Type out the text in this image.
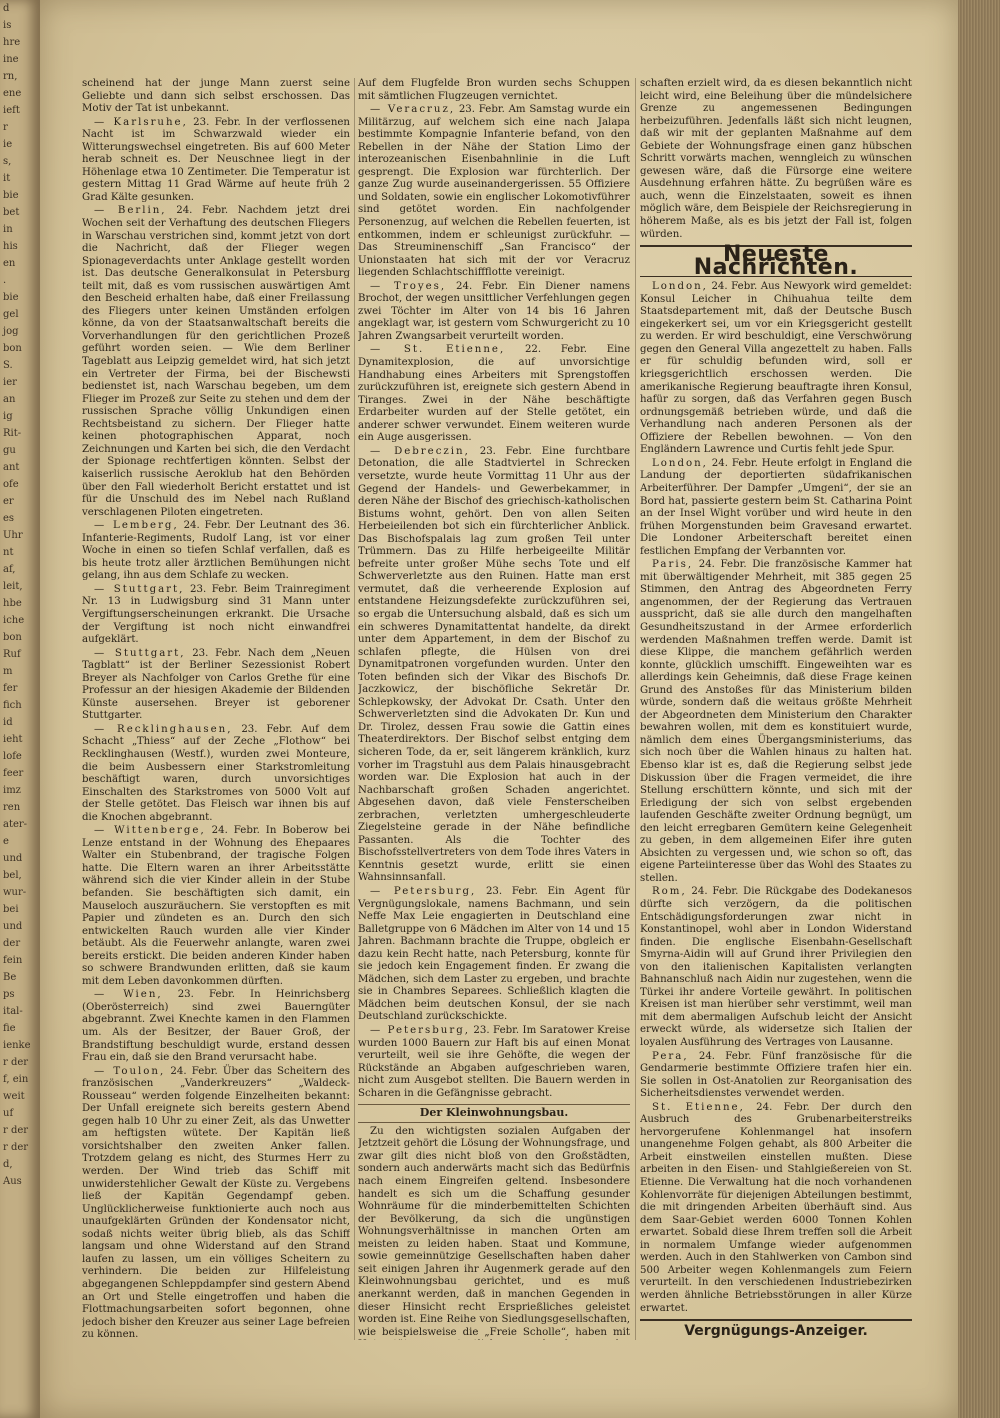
d
is
hre
ine
rn,
ene
ieft
r
ie
s,
it
bie
bet
in
his
en
.
bie
gel
jog
bon
S.
ier
an
ig
Rit-
gu
ant
ofe
er
es
Uhr
nt
af,
leit,
hbe
iche
bon
Ruf
m
fer
fich
id
ieht
lofe
feer
imz
ren
ater-
e
und
bel,
wur-
bei
und
der
fein
Be
ps
ital-
fie
ienke
r der
f, ein
weit
uf
r der
r der
d,
Aus

scheinend hat der junge Mann zuerst seine Geliebte und dann sich selbst erschossen. Das Motiv der Tat ist unbekannt.

— Karlsruhe, 23. Febr. In der verflossenen Nacht ist im Schwarzwald wieder ein Witterungswechsel eingetreten. Bis auf 600 Meter herab schneit es. Der Neuschnee liegt in der Höhenlage etwa 10 Zentimeter. Die Temperatur ist gestern Mittag 11 Grad Wärme auf heute früh 2 Grad Kälte gesunken.

— Berlin, 24. Febr. Nachdem jetzt drei Wochen seit der Verhaftung des deutschen Fliegers in Warschau verstrichen sind, kommt jetzt von dort die Nachricht, daß der Flieger wegen Spionageverdachts unter Anklage gestellt worden ist. Das deutsche Generalkonsulat in Petersburg teilt mit, daß es vom russischen auswärtigen Amt den Bescheid erhalten habe, daß einer Freilassung des Fliegers unter keinen Umständen erfolgen könne, da von der Staatsanwaltschaft bereits die Vorverhandlungen für den gerichtlichen Prozeß geführt worden seien. — Wie dem Berliner Tageblatt aus Leipzig gemeldet wird, hat sich jetzt ein Vertreter der Firma, bei der Bischewsti bedienstet ist, nach Warschau begeben, um dem Flieger im Prozeß zur Seite zu stehen und dem der russischen Sprache völlig Unkundigen einen Rechtsbeistand zu sichern. Der Flieger hatte keinen photographischen Apparat, noch Zeichnungen und Karten bei sich, die den Verdacht der Spionage rechtfertigen könnten. Selbst der kaiserlich russische Aeroklub hat den Behörden über den Fall wiederholt Bericht erstattet und ist für die Unschuld des im Nebel nach Rußland verschlagenen Piloten eingetreten.

— Lemberg, 24. Febr. Der Leutnant des 36. Infanterie-Regiments, Rudolf Lang, ist vor einer Woche in einen so tiefen Schlaf verfallen, daß es bis heute trotz aller ärztlichen Bemühungen nicht gelang, ihn aus dem Schlafe zu wecken.

— Stuttgart, 23. Febr. Beim Trainregiment Nr. 13 in Ludwigsburg sind 31 Mann unter Vergiftungserscheinungen erkrankt. Die Ursache der Vergiftung ist noch nicht einwandfrei aufgeklärt.

— Stuttgart, 23. Febr. Nach dem „Neuen Tagblatt“ ist der Berliner Sezessionist Robert Breyer als Nachfolger von Carlos Grethe für eine Professur an der hiesigen Akademie der Bildenden Künste ausersehen. Breyer ist geborener Stuttgarter.

— Recklinghausen, 23. Febr. Auf dem Schacht „Thiess“ auf der Zeche „Flothow“ bei Recklinghausen (Westf.), wurden zwei Monteure, die beim Ausbessern einer Starkstromleitung beschäftigt waren, durch unvorsichtiges Einschalten des Starkstromes von 5000 Volt auf der Stelle getötet. Das Fleisch war ihnen bis auf die Knochen abgebrannt.

— Wittenberge, 24. Febr. In Boberow bei Lenze entstand in der Wohnung des Ehepaares Walter ein Stubenbrand, der tragische Folgen hatte. Die Eltern waren an ihrer Arbeitsstätte während sich die vier Kinder allein in der Stube befanden. Sie beschäftigten sich damit, ein Mauseloch auszuräuchern. Sie verstopften es mit Papier und zündeten es an. Durch den sich entwickelten Rauch wurden alle vier Kinder betäubt. Als die Feuerwehr anlangte, waren zwei bereits erstickt. Die beiden anderen Kinder haben so schwere Brandwunden erlitten, daß sie kaum mit dem Leben davonkommen dürften.

— Wien, 23. Febr. In Heinrichsberg (Oberösterreich) sind zwei Bauerngüter abgebrannt. Zwei Knechte kamen in den Flammen um. Als der Besitzer, der Bauer Groß, der Brandstiftung beschuldigt wurde, erstand dessen Frau ein, daß sie den Brand verursacht habe.

— Toulon, 24. Febr. Über das Scheitern des französischen „Vanderkreuzers“ „Waldeck-Rousseau“ werden folgende Einzelheiten bekannt: Der Unfall ereignete sich bereits gestern Abend gegen halb 10 Uhr zu einer Zeit, als das Unwetter am heftigsten wütete. Der Kapitän ließ vorsichtshalber den zweiten Anker fallen. Trotzdem gelang es nicht, des Sturmes Herr zu werden. Der Wind trieb das Schiff mit unwiderstehlicher Gewalt der Küste zu. Vergebens ließ der Kapitän Gegendampf geben. Unglücklicherweise funktionierte auch noch aus unaufgeklärten Gründen der Kondensator nicht, sodaß nichts weiter übrig blieb, als das Schiff langsam und ohne Widerstand auf den Strand laufen zu lassen, um ein völliges Scheitern zu verhindern. Die beiden zur Hilfeleistung abgegangenen Schleppdampfer sind gestern Abend an Ort und Stelle eingetroffen und haben die Flottmachungsarbeiten sofort begonnen, ohne jedoch bisher den Kreuzer aus seiner Lage befreien zu können.

Auf dem Flugfelde Bron wurden sechs Schuppen mit sämtlichen Flugzeugen vernichtet.

— Veracruz, 23. Febr. Am Samstag wurde ein Militärzug, auf welchem sich eine nach Jalapa bestimmte Kompagnie Infanterie befand, von den Rebellen in der Nähe der Station Limo der interozeanischen Eisenbahnlinie in die Luft gesprengt. Die Explosion war fürchterlich. Der ganze Zug wurde auseinandergerissen. 55 Offiziere und Soldaten, sowie ein englischer Lokomotivführer sind getötet worden. Ein nachfolgender Personenzug, auf welchen die Rebellen feuerten, ist entkommen, indem er schleunigst zurückfuhr. — Das Streuminenschiff „San Francisco“ der Unionstaaten hat sich mit der vor Veracruz liegenden Schlachtschiffflotte vereinigt.

— Troyes, 24. Febr. Ein Diener namens Brochot, der wegen unsittlicher Verfehlungen gegen zwei Töchter im Alter von 14 bis 16 Jahren angeklagt war, ist gestern vom Schwurgericht zu 10 Jahren Zwangsarbeit verurteilt worden.

— St. Etienne, 22. Febr. Eine Dynamitexplosion, die auf unvorsichtige Handhabung eines Arbeiters mit Sprengstoffen zurückzuführen ist, ereignete sich gestern Abend in Tiranges. Zwei in der Nähe beschäftigte Erdarbeiter wurden auf der Stelle getötet, ein anderer schwer verwundet. Einem weiteren wurde ein Auge ausgerissen.

— Debreczin, 23. Febr. Eine furchtbare Detonation, die alle Stadtviertel in Schrecken versetzte, wurde heute Vormittag 11 Uhr aus der Gegend der Handels- und Gewerbekammer, in deren Nähe der Bischof des griechisch-katholischen Bistums wohnt, gehört. Den von allen Seiten Herbeieilenden bot sich ein fürchterlicher Anblick. Das Bischofspalais lag zum großen Teil unter Trümmern. Das zu Hilfe herbeigeeilte Militär befreite unter großer Mühe sechs Tote und elf Schwerverletzte aus den Ruinen. Hatte man erst vermutet, daß die verheerende Explosion auf entstandene Heizungsdefekte zurückzuführen sei, so ergab die Untersuchung alsbald, daß es sich um ein schweres Dynamitattentat handelte, da direkt unter dem Appartement, in dem der Bischof zu schlafen pflegte, die Hülsen von drei Dynamitpatronen vorgefunden wurden. Unter den Toten befinden sich der Vikar des Bischofs Dr. Jaczkowicz, der bischöfliche Sekretär Dr. Schlepkowsky, der Advokat Dr. Csath. Unter den Schwerverletzten sind die Advokaten Dr. Kun und Dr. Tirolez, dessen Frau sowie die Gattin eines Theaterdirektors. Der Bischof selbst entging dem sicheren Tode, da er, seit längerem kränklich, kurz vorher im Tragstuhl aus dem Palais hinausgebracht worden war. Die Explosion hat auch in der Nachbarschaft großen Schaden angerichtet. Abgesehen davon, daß viele Fensterscheiben zerbrachen, verletzten umhergeschleuderte Ziegelsteine gerade in der Nähe befindliche Passanten. Als die Tochter des Bischofsstellvertreters von dem Tode ihres Vaters in Kenntnis gesetzt wurde, erlitt sie einen Wahnsinnsanfall.

— Petersburg, 23. Febr. Ein Agent für Vergnügungslokale, namens Bachmann, und sein Neffe Max Leie engagierten in Deutschland eine Balletgruppe von 6 Mädchen im Alter von 14 und 15 Jahren. Bachmann brachte die Truppe, obgleich er dazu kein Recht hatte, nach Petersburg, konnte für sie jedoch kein Engagement finden. Er zwang die Mädchen, sich dem Laster zu ergeben, und brachte sie in Chambres Separees. Schließlich klagten die Mädchen beim deutschen Konsul, der sie nach Deutschland zurückschickte.

— Petersburg, 23. Febr. Im Saratower Kreise wurden 1000 Bauern zur Haft bis auf einen Monat verurteilt, weil sie ihre Gehöfte, die wegen der Rückstände an Abgaben aufgeschrieben waren, nicht zum Ausgebot stellten. Die Bauern werden in Scharen in die Gefängnisse gebracht.

Der Kleinwohnungsbau.

Zu den wichtigsten sozialen Aufgaben der Jetztzeit gehört die Lösung der Wohnungsfrage, und zwar gilt dies nicht bloß von den Großstädten, sondern auch anderwärts macht sich das Bedürfnis nach einem Eingreifen geltend. Insbesondere handelt es sich um die Schaffung gesunder Wohnräume für die minderbemittelten Schichten der Bevölkerung, da sich die ungünstigen Wohnungsverhältnisse in manchen Orten am meisten zu leiden haben. Staat und Kommune, sowie gemeinnützige Gesellschaften haben daher seit einigen Jahren ihr Augenmerk gerade auf den Kleinwohnungsbau gerichtet, und es muß anerkannt werden, daß in manchen Gegenden in dieser Hinsicht recht Ersprießliches geleistet worden ist. Eine Reihe von Siedlungsgesellschaften, wie beispielsweise die „Freie Scholle“, haben mit

schaften erzielt wird, da es diesen bekanntlich nicht leicht wird, eine Beleihung über die mündelsichere Grenze zu angemessenen Bedingungen herbeizuführen. Jedenfalls läßt sich nicht leugnen, daß wir mit der geplanten Maßnahme auf dem Gebiete der Wohnungsfrage einen ganz hübschen Schritt vorwärts machen, wenngleich zu wünschen gewesen wäre, daß die Fürsorge eine weitere Ausdehnung erfahren hätte. Zu begrüßen wäre es auch, wenn die Einzelstaaten, soweit es ihnen möglich wäre, dem Beispiele der Reichsregierung in höherem Maße, als es bis jetzt der Fall ist, folgen würden.

Neueste Nachrichten.

London, 24. Febr. Aus Newyork wird gemeldet: Konsul Leicher in Chihuahua teilte dem Staatsdepartement mit, daß der Deutsche Busch eingekerkert sei, um vor ein Kriegsgericht gestellt zu werden. Er wird beschuldigt, eine Verschwörung gegen den General Villa angezettelt zu haben. Falls er für schuldig befunden wird, soll er kriegsgerichtlich erschossen werden. Die amerikanische Regierung beauftragte ihren Konsul, hafür zu sorgen, daß das Verfahren gegen Busch ordnungsgemäß betrieben würde, und daß die Verhandlung nach anderen Personen als der Offiziere der Rebellen bewohnen. — Von den Engländern Lawrence und Curtis fehlt jede Spur.

London, 24. Febr. Heute erfolgt in England die Landung der deportierten südafrikanischen Arbeiterführer. Der Dampfer „Umgeni“, der sie an Bord hat, passierte gestern beim St. Catharina Point an der Insel Wight vorüber und wird heute in den frühen Morgenstunden beim Gravesand erwartet. Die Londoner Arbeiterschaft bereitet einen festlichen Empfang der Verbannten vor.

Paris, 24. Febr. Die französische Kammer hat mit überwältigender Mehrheit, mit 385 gegen 25 Stimmen, den Antrag des Abgeordneten Ferry angenommen, der der Regierung das Vertrauen ausspricht, daß sie alle durch den mangelhaften Gesundheitszustand in der Armee erforderlich werdenden Maßnahmen treffen werde. Damit ist diese Klippe, die manchem gefährlich werden konnte, glücklich umschifft. Eingeweihten war es allerdings kein Geheimnis, daß diese Frage keinen Grund des Anstoßes für das Ministerium bilden würde, sondern daß die weitaus größte Mehrheit der Abgeordneten dem Ministerium den Charakter bewahren wollen, mit dem es konstituiert wurde, nämlich dem eines Übergangsministeriums, das sich noch über die Wahlen hinaus zu halten hat. Ebenso klar ist es, daß die Regierung selbst jede Diskussion über die Fragen vermeidet, die ihre Stellung erschüttern könnte, und sich mit der Erledigung der sich von selbst ergebenden laufenden Geschäfte zweiter Ordnung begnügt, um den leicht erregbaren Gemütern keine Gelegenheit zu geben, in dem allgemeinen Eifer ihre guten Absichten zu vergessen und, wie schon so oft, das eigene Parteiinteresse über das Wohl des Staates zu stellen.

Rom, 24. Febr. Die Rückgabe des Dodekanesos dürfte sich verzögern, da die politischen Entschädigungsforderungen zwar nicht in Konstantinopel, wohl aber in London Widerstand finden. Die englische Eisenbahn-Gesellschaft Smyrna-Aidin will auf Grund ihrer Privilegien den von den italienischen Kapitalisten verlangten Bahnanschluß nach Aidin nur zugestehen, wenn die Türkei ihr andere Vorteile gewährt. In politischen Kreisen ist man hierüber sehr verstimmt, weil man mit dem abermaligen Aufschub leicht der Ansicht erweckt würde, als widersetze sich Italien der loyalen Ausführung des Vertrages von Lausanne.

Pera, 24. Febr. Fünf französische für die Gendarmerie bestimmte Offiziere trafen hier ein. Sie sollen in Ost-Anatolien zur Reorganisation des Sicherheitsdienstes verwendet werden.

St. Etienne, 24. Febr. Der durch den Ausbruch des Grubenarbeiterstreiks hervorgerufene Kohlenmangel hat insofern unangenehme Folgen gehabt, als 800 Arbeiter die Arbeit einstweilen einstellen mußten. Diese arbeiten in den Eisen- und Stahlgießereien von St. Etienne. Die Verwaltung hat die noch vorhandenen Kohlenvorräte für diejenigen Abteilungen bestimmt, die mit dringenden Arbeiten überhäuft sind. Aus dem Saar-Gebiet werden 6000 Tonnen Kohlen erwartet. Sobald diese Ihrem treffen soll die Arbeit in normalem Umfange wieder aufgenommen werden. Auch in den Stahlwerken von Cambon sind 500 Arbeiter wegen Kohlenmangels zum Feiern verurteilt. In den verschiedenen Industriebezirken werden ähnliche Betriebsstörungen in aller Kürze erwartet.

Vergnügungs-Anzeiger.
